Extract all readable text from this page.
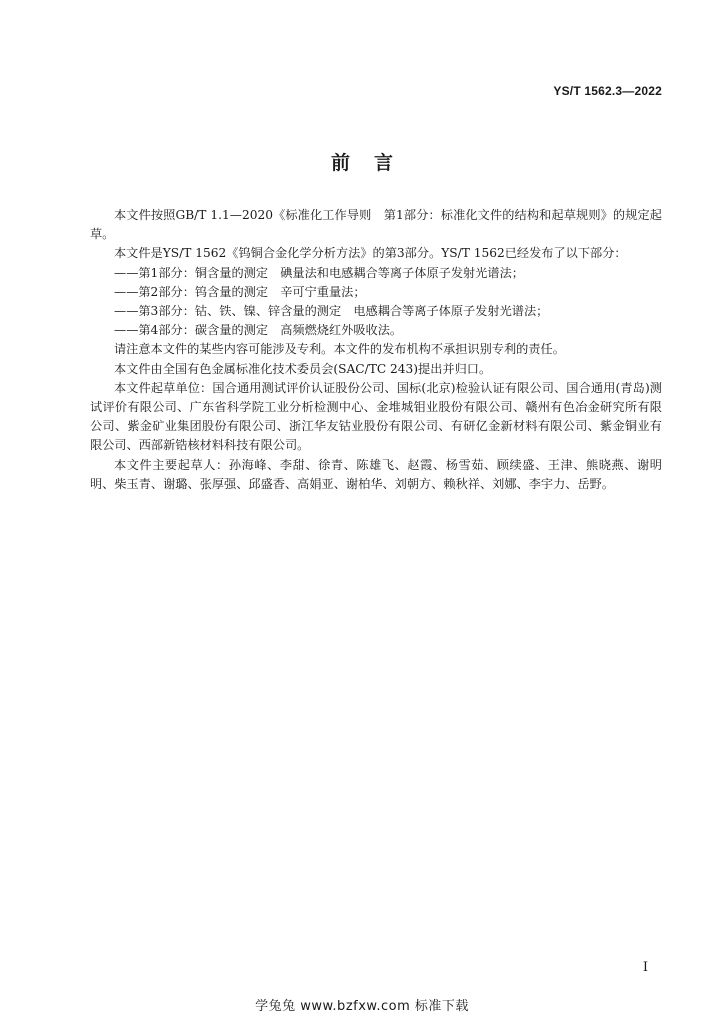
YS/T 1562.3—2022
前言

本文件按照GB/T 1.1—2020《标准化工作导则　第1部分：标准化文件的结构和起草规则》的规定起草。

本文件是YS/T 1562《钨铜合金化学分析方法》的第3部分。YS/T 1562已经发布了以下部分：

——第1部分：铜含量的测定　碘量法和电感耦合等离子体原子发射光谱法；

——第2部分：钨含量的测定　辛可宁重量法；

——第3部分：钴、铁、镍、锌含量的测定　电感耦合等离子体原子发射光谱法；

——第4部分：碳含量的测定　高频燃烧红外吸收法。

请注意本文件的某些内容可能涉及专利。本文件的发布机构不承担识别专利的责任。

本文件由全国有色金属标准化技术委员会(SAC/TC 243)提出并归口。

本文件起草单位：国合通用测试评价认证股份公司、国标(北京)检验认证有限公司、国合通用(青岛)测试评价有限公司、广东省科学院工业分析检测中心、金堆城钼业股份有限公司、赣州有色冶金研究所有限公司、紫金矿业集团股份有限公司、浙江华友钴业股份有限公司、有研亿金新材料有限公司、紫金铜业有限公司、西部新锆核材料科技有限公司。

本文件主要起草人：孙海峰、李甜、徐青、陈雄飞、赵霞、杨雪茹、顾续盛、王津、熊晓燕、谢明明、柴玉青、谢璐、张厚强、邱盛香、高娟亚、谢柏华、刘朝方、赖秋祥、刘娜、李宇力、岳野。

I
学兔兔 www.bzfxw.com 标准下载
